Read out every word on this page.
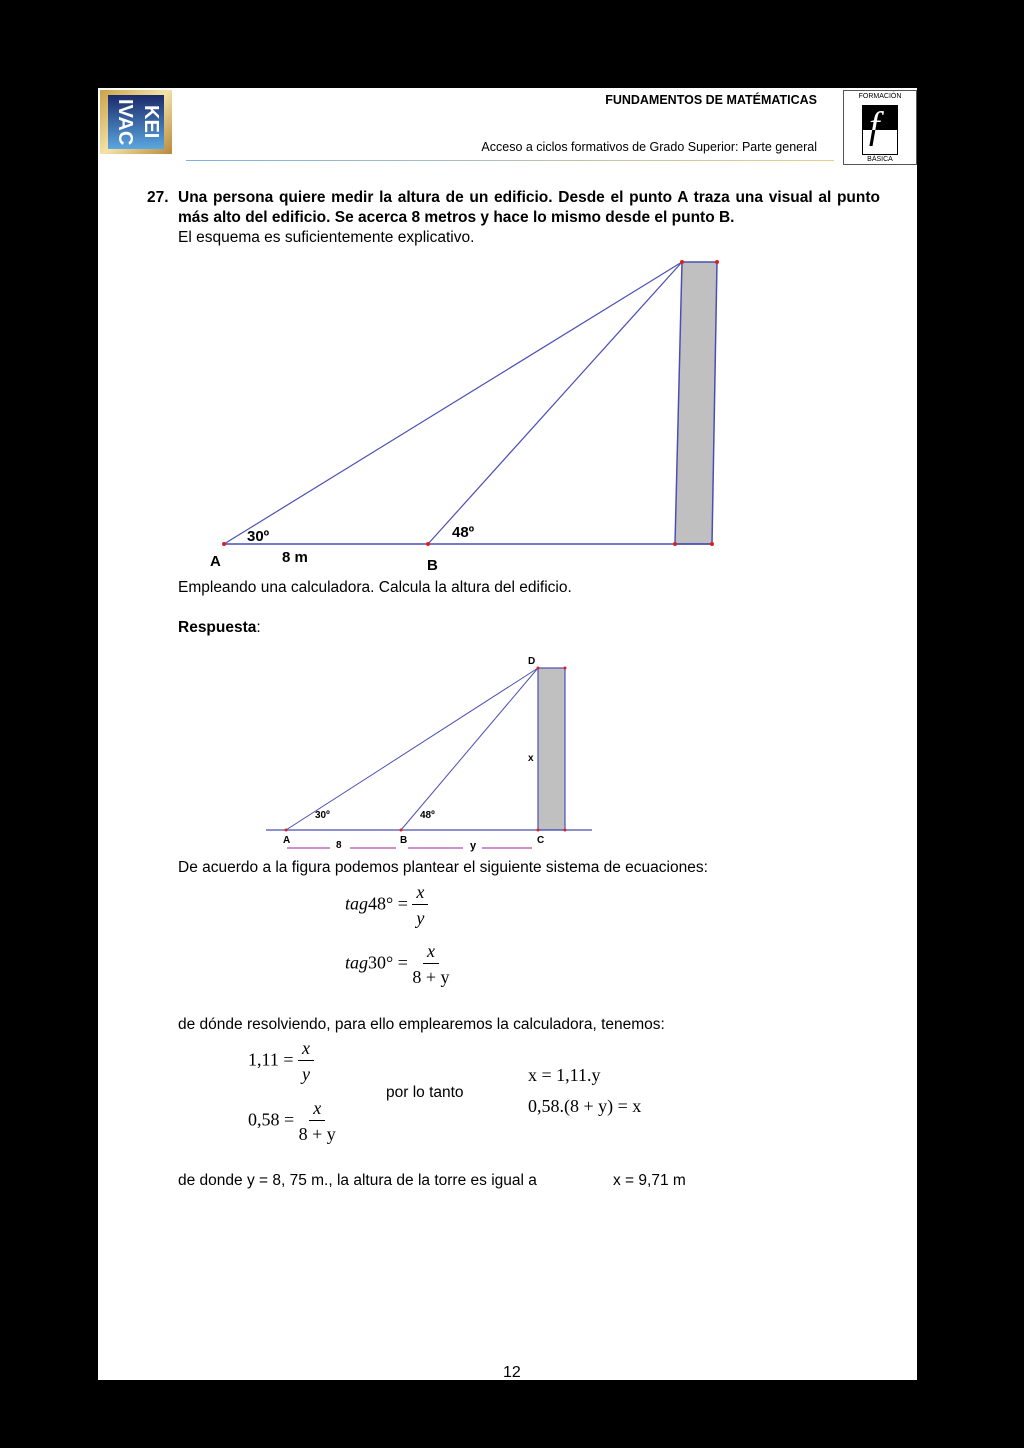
KEI IVAC	FUNDAMENTOS DE MATÉMATICAS
Acceso a ciclos formativos de Grado Superior: Parte general
FORMACIÓN
f
BÁSICA
27. Una persona quiere medir la altura de un edificio. Desde el punto A traza una visual al punto más alto del edificio. Se acerca 8 metros y hace lo mismo desde el punto B.
El esquema es suficientemente explicativo.
30º	48º
A	8 m	B
Empleando una calculadora. Calcula la altura del edificio.
Respuesta:
D
x
30º	48º
A	8	B	y	C
De acuerdo a la figura podemos plantear el siguiente sistema de ecuaciones:
$tag48^\circ = \frac{x}{y}$
$tag30^\circ = \frac{x}{8 + y}$
de dónde resolviendo, para ello emplearemos la calculadora, tenemos:
$1,11 = \frac{x}{y}$
$0,58 = \frac{x}{8 + y}$
por lo tanto
x = 1,11.y
0,58.(8 + y) = x
de donde y = 8, 75 m., la altura de la torre es igual a	x = 9,71 m
12
